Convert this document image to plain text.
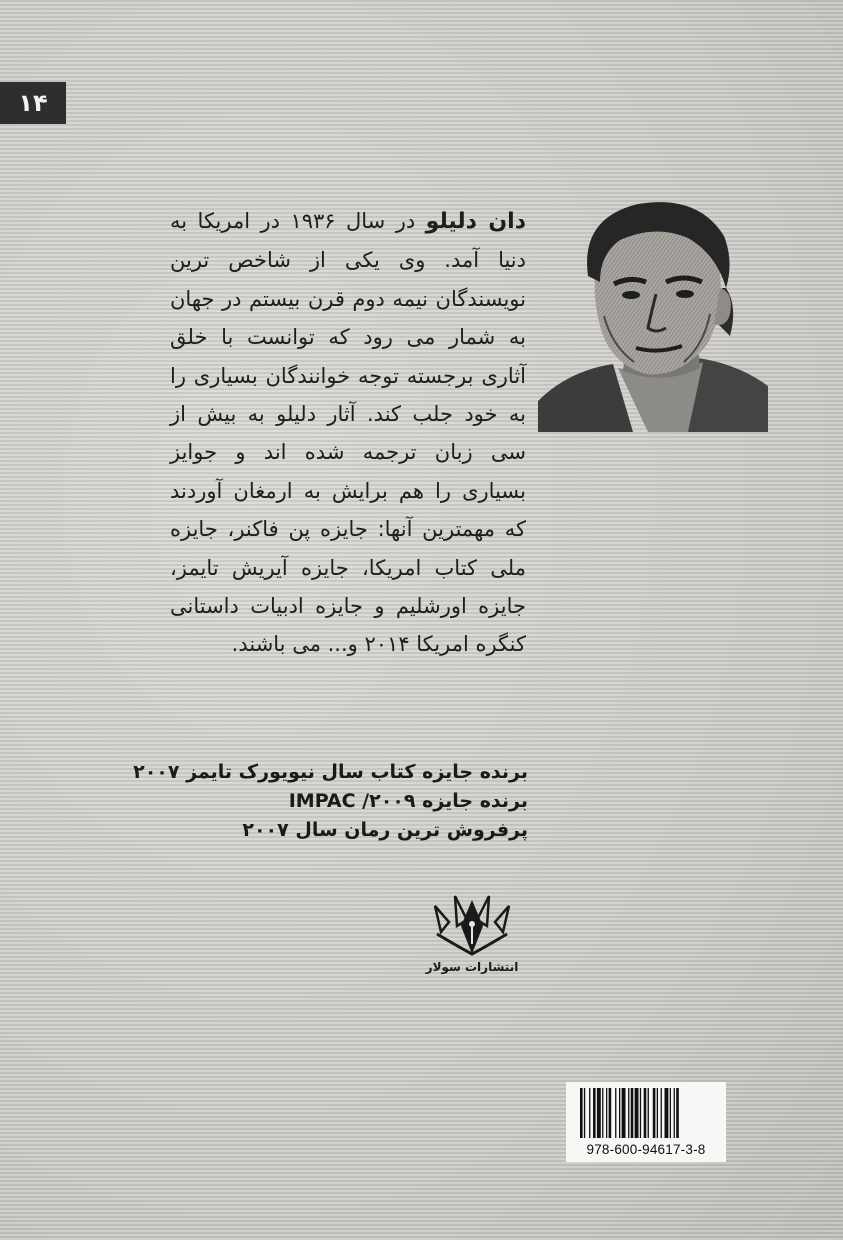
۱۴
دان دلیلو در سال ۱۹۳۶ در امریکا به دنیا آمد. وی یکی از شاخص ترین نویسندگان نیمه دوم قرن بیستم در جهان به شمار می رود که توانست با خلق آثاری برجسته توجه خوانندگان بسیاری را به خود جلب کند. آثار دلیلو به بیش از سی زبان ترجمه شده اند و جوایز بسیاری را هم برایش به ارمغان آوردند که مهمترین آنها: جایزه پن فاکنر، جایزه ملی کتاب امریکا، جایزه آیریش تایمز، جایزه اورشلیم و جایزه ادبیات داستانی کنگره امریکا ۲۰۱۴ و... می باشند.
برنده جایزه کتاب سال نیویورک تایمز ۲۰۰۷
برنده جایزه ۲۰۰۹/ IMPAC
پرفروش ترین رمان سال ۲۰۰۷
انتشارات سولار
978-600-94617-3-8
